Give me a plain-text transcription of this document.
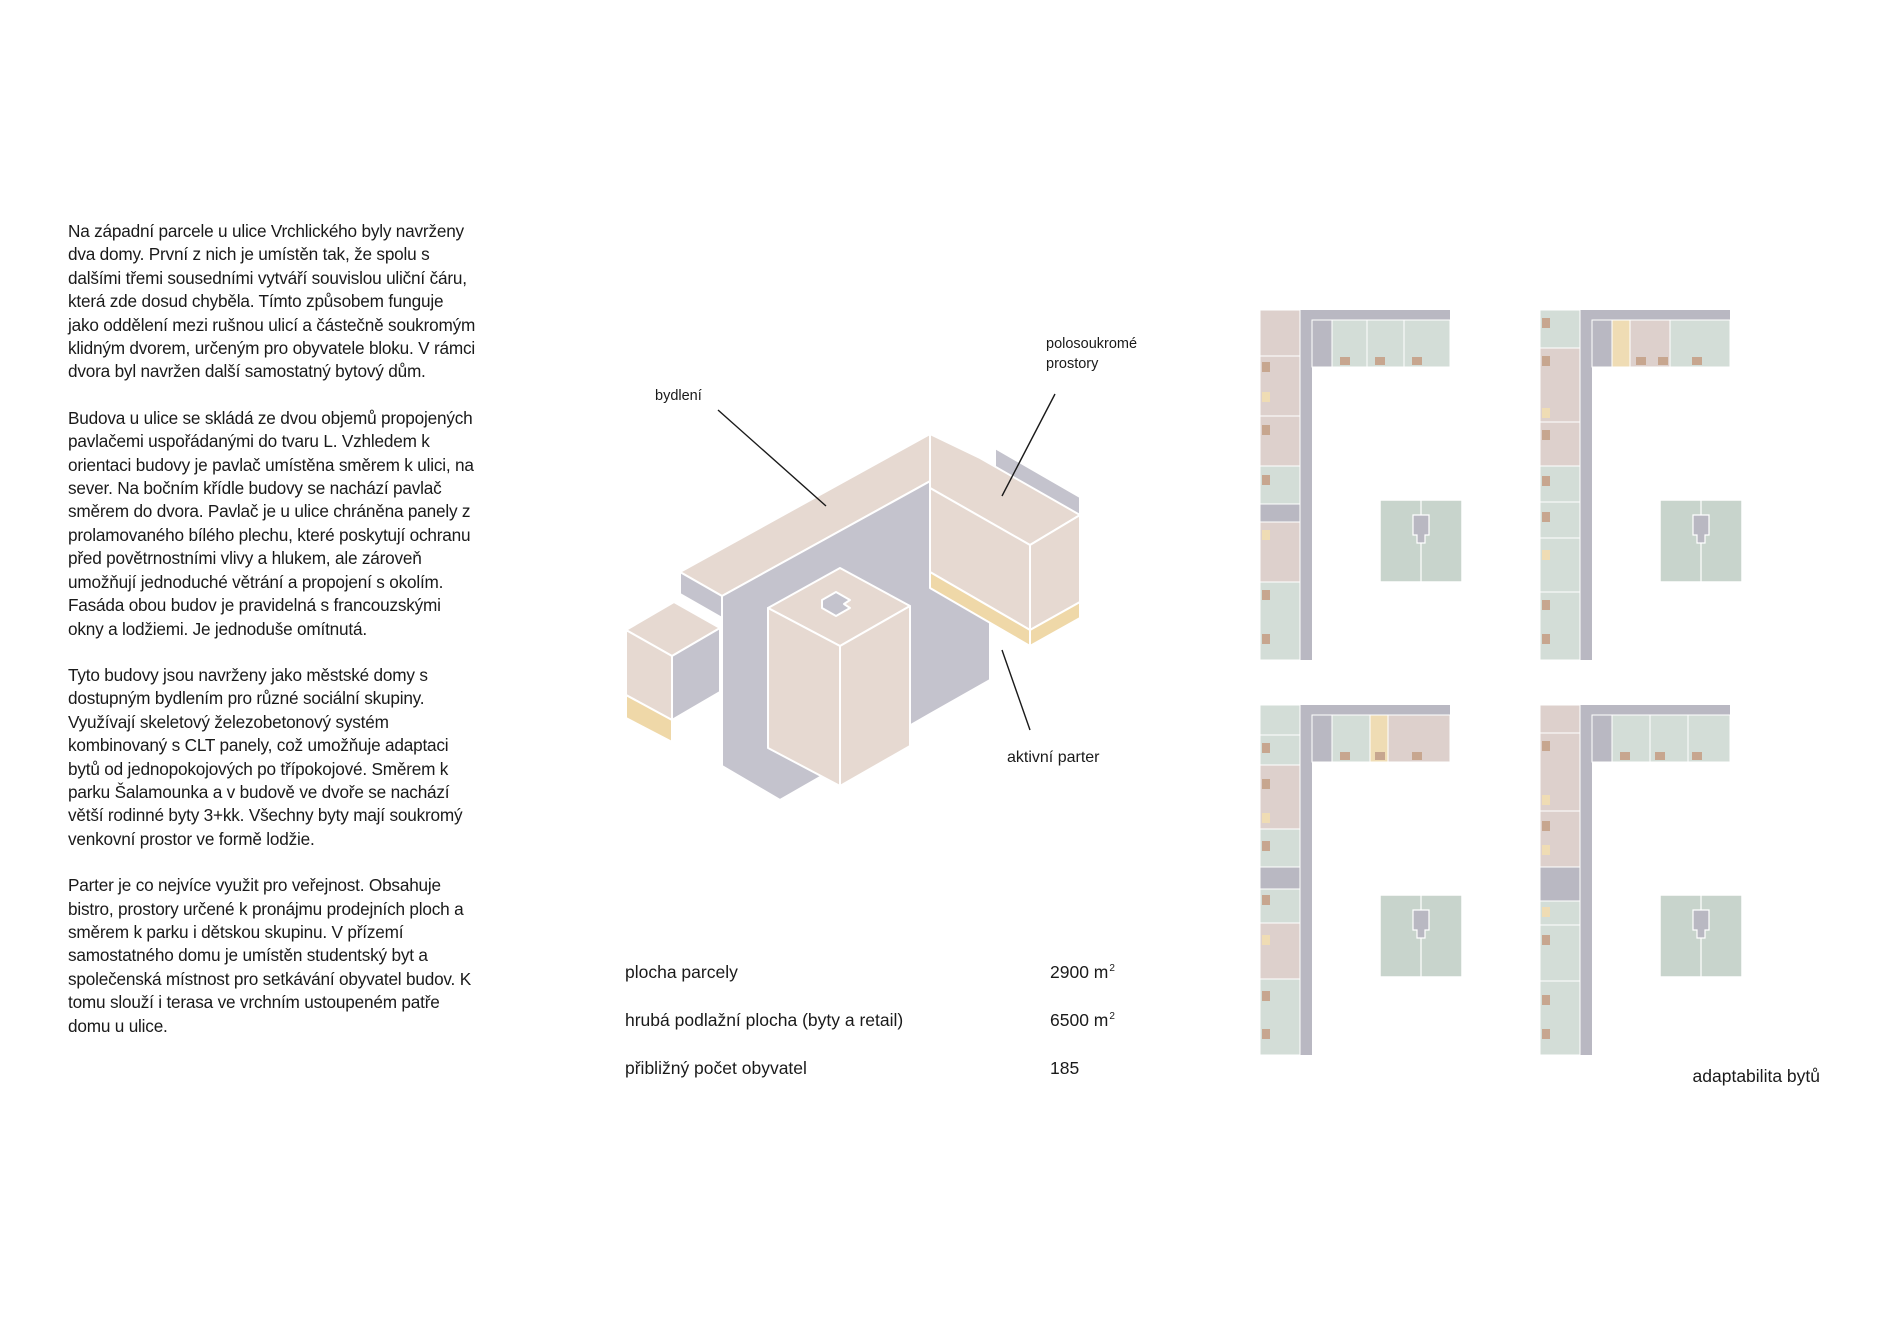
Na západní parcele u ulice Vrchlického byly navrženy dva domy. První z nich je umístěn tak, že spolu s dalšími třemi sousedními vytváří souvislou uliční čáru, která zde dosud chyběla. Tímto způsobem funguje jako oddělení mezi rušnou ulicí a částečně soukromým klidným dvorem, určeným pro obyvatele bloku. V rámci dvora byl navržen další samostatný bytový dům.

Budova u ulice se skládá ze dvou objemů propojených pavlačemi uspořádanými do tvaru L. Vzhledem k orientaci budovy je pavlač umístěna směrem k ulici, na sever. Na bočním křídle budovy se nachází pavlač směrem do dvora. Pavlač je u ulice chráněna panely z prolamovaného bílého plechu, které poskytují ochranu před povětrnostními vlivy a hlukem, ale zároveň umožňují jednoduché větrání a propojení s okolím. Fasáda obou budov je pravidelná s francouzskými okny a lodžiemi. Je jednoduše omítnutá.

Tyto budovy jsou navrženy jako městské domy s dostupným bydlením pro různé sociální skupiny. Využívají skeletový železobetonový systém kombinovaný s CLT panely, což umožňuje adaptaci bytů od jednopokojových po třípokojové. Směrem k parku Šalamounka a v budově ve dvoře se nachází větší rodinné byty 3+kk. Všechny byty mají soukromý venkovní prostor ve formě lodžie.

Parter je co nejvíce využit pro veřejnost. Obsahuje bistro, prostory určené k pronájmu prodejních ploch a směrem k parku i dětskou skupinu. V přízemí samostatného domu je umístěn studentský byt a společenská místnost pro setkávání obyvatel budov. K tomu slouží i terasa ve vrchním ustoupeném patře domu u ulice.

bydlení
polosoukromé
prostory
aktivní parter
plocha parcely	2900 $m^2$
hrubá podlažní plocha (byty a retail)	6500 $m^2$
přibližný počet obyvatel	185	adaptabilita bytů
